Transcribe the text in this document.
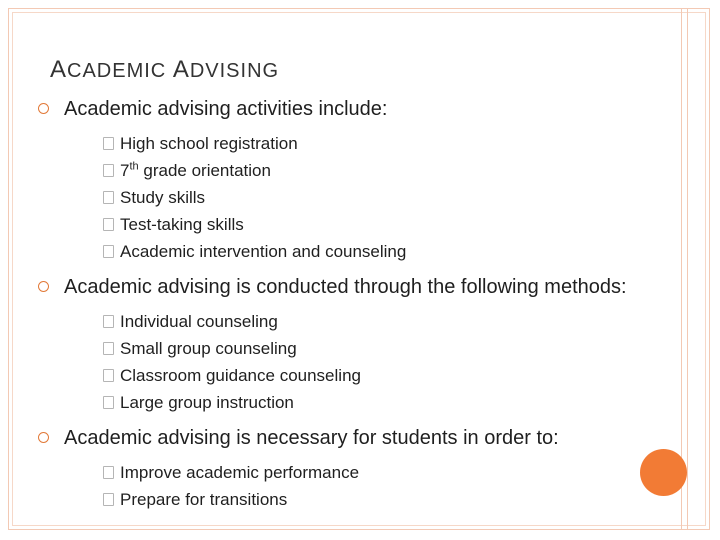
ACADEMIC ADVISING
Academic advising activities include:
High school registration
7th grade orientation
Study skills
Test-taking skills
Academic intervention and counseling
Academic advising is conducted through the following methods:
Individual counseling
Small group counseling
Classroom guidance counseling
Large group instruction
Academic advising is necessary for students in order to:
Improve academic performance
Prepare for transitions
